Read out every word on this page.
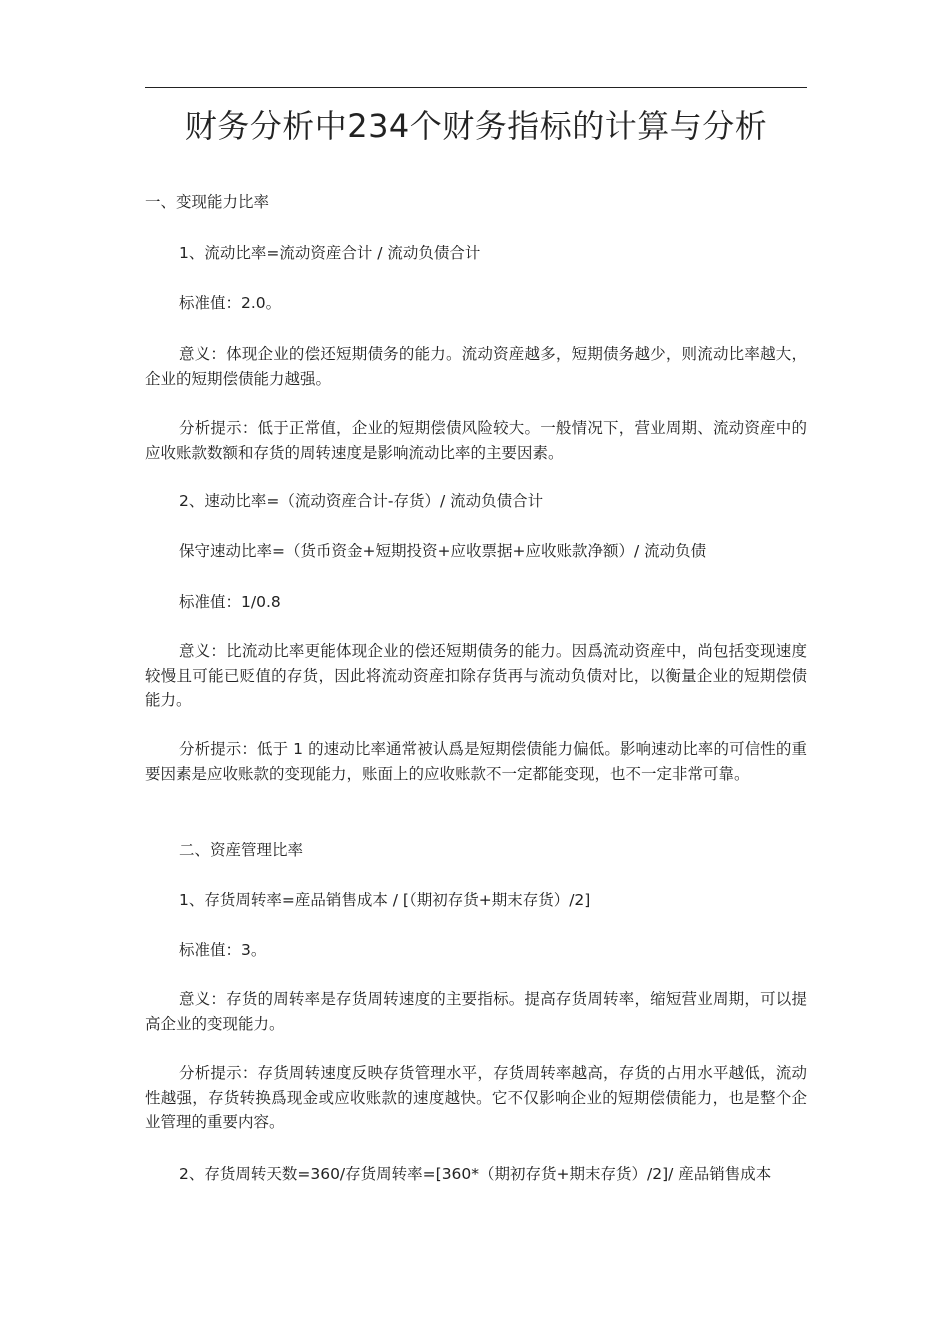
财务分析中234个财务指标的计算与分析
一、变现能力比率
1、流动比率=流动资産合计 / 流动负债合计
标准值：2.0。

意义：体现企业的偿还短期债务的能力。流动资産越多，短期债务越少，则流动比率越大，企业的短期偿债能力越强。

分析提示：低于正常值，企业的短期偿债风险较大。一般情况下，营业周期、流动资産中的应收账款数额和存货的周转速度是影响流动比率的主要因素。

2、速动比率=（流动资産合计-存货）/ 流动负债合计
保守速动比率=（货币资金+短期投资+应收票据+应收账款净额）/ 流动负债
标准值：1/0.8

意义：比流动比率更能体现企业的偿还短期债务的能力。因爲流动资産中，尚包括变现速度较慢且可能已贬值的存货，因此将流动资産扣除存货再与流动负债对比，以衡量企业的短期偿债能力。

分析提示：低于 1 的速动比率通常被认爲是短期偿债能力偏低。影响速动比率的可信性的重要因素是应收账款的变现能力，账面上的应收账款不一定都能变现，也不一定非常可靠。

二、资産管理比率
1、存货周转率=産品销售成本 / [（期初存货+期末存货）/2]
标准值：3。

意义：存货的周转率是存货周转速度的主要指标。提高存货周转率，缩短营业周期，可以提高企业的变现能力。

分析提示：存货周转速度反映存货管理水平，存货周转率越高，存货的占用水平越低，流动性越强，存货转换爲现金或应收账款的速度越快。它不仅影响企业的短期偿债能力，也是整个企业管理的重要内容。

2、存货周转天数=360/存货周转率=[360*（期初存货+期末存货）/2]/ 産品销售成本
